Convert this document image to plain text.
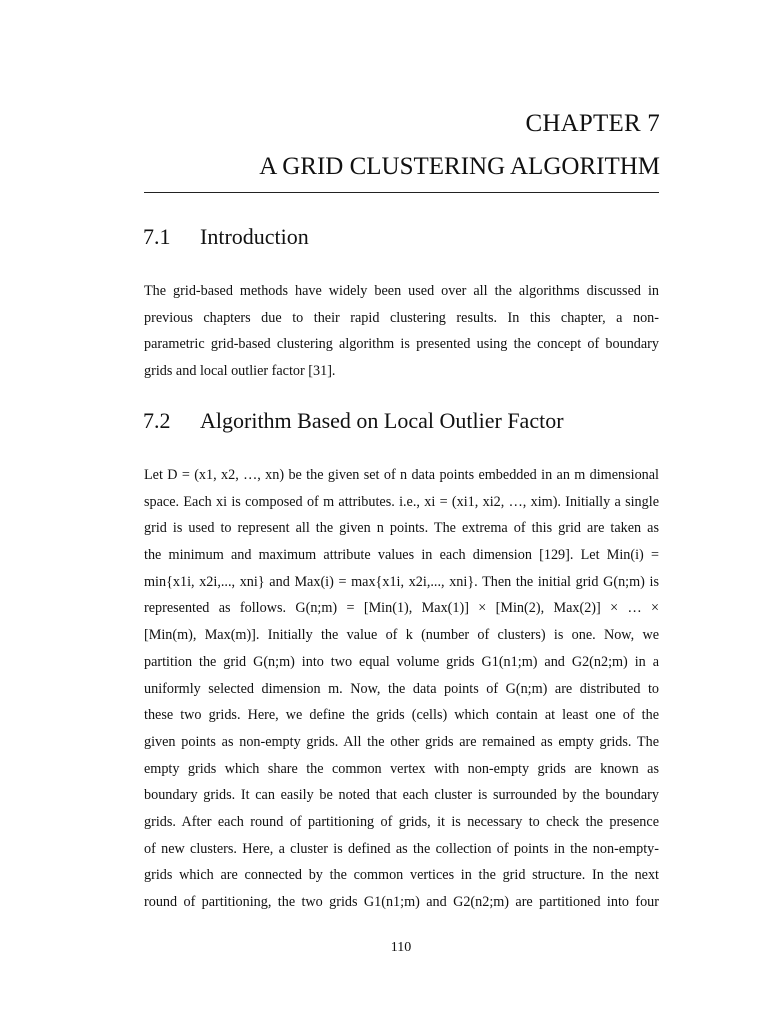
CHAPTER 7
A GRID CLUSTERING ALGORITHM
7.1 Introduction
The grid-based methods have widely been used over all the algorithms discussed in
previous chapters due to their rapid clustering results. In this chapter, a non-
parametric grid-based clustering algorithm is presented using the concept of boundary
grids and local outlier factor [31].
7.2 Algorithm Based on Local Outlier Factor
Let D = (x1, x2, …, xn) be the given set of n data points embedded in an m dimensional
space. Each xi is composed of m attributes. i.e., xi = (xi1, xi2, …, xim). Initially a single
grid is used to represent all the given n points. The extrema of this grid are taken as
the minimum and maximum attribute values in each dimension [129]. Let Min(i) =
min{x1i, x2i,..., xni} and Max(i) = max{x1i, x2i,..., xni}. Then the initial grid G(n;m) is
represented as follows. G(n;m) = [Min(1), Max(1)] × [Min(2), Max(2)] × … ×
[Min(m), Max(m)]. Initially the value of k (number of clusters) is one. Now, we
partition the grid G(n;m) into two equal volume grids G1(n1;m) and G2(n2;m) in a
uniformly selected dimension m. Now, the data points of G(n;m) are distributed to
these two grids. Here, we define the grids (cells) which contain at least one of the
given points as non-empty grids. All the other grids are remained as empty grids. The
empty grids which share the common vertex with non-empty grids are known as
boundary grids. It can easily be noted that each cluster is surrounded by the boundary
grids. After each round of partitioning of grids, it is necessary to check the presence
of new clusters. Here, a cluster is defined as the collection of points in the non-empty-
grids which are connected by the common vertices in the grid structure. In the next
round of partitioning, the two grids G1(n1;m) and G2(n2;m) are partitioned into four
110
